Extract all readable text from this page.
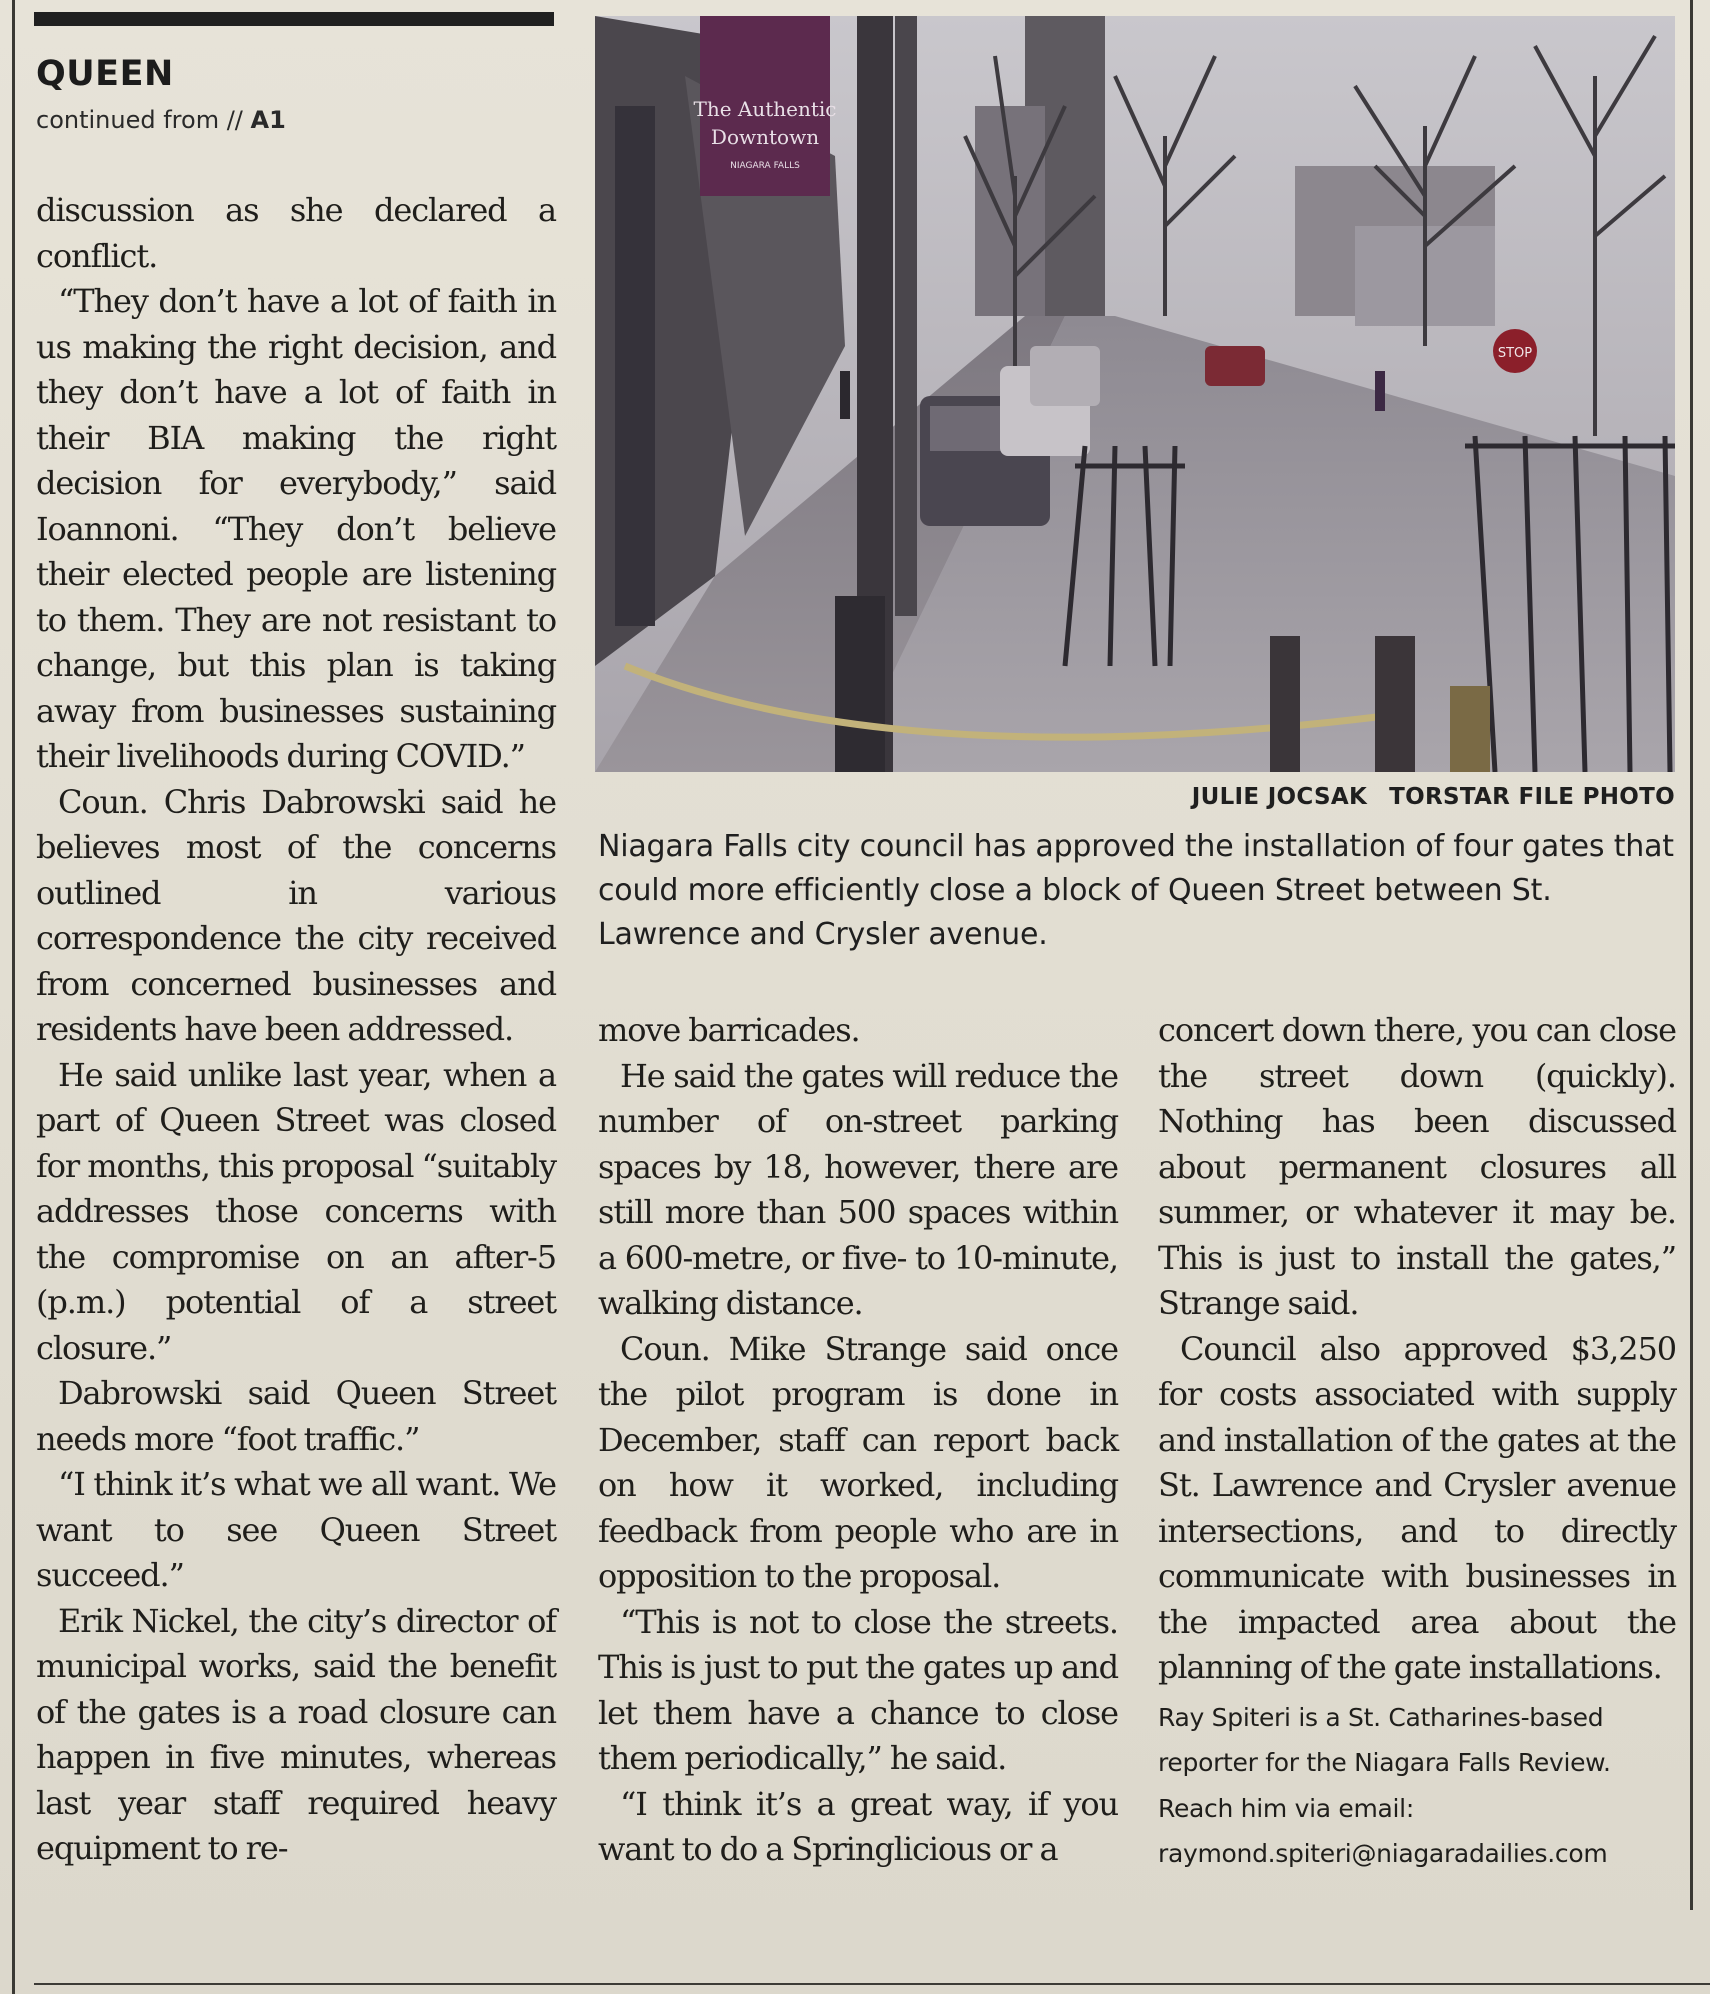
QUEEN
continued from // A1	The Authentic
Downtown
NIAGARA FALLS
STOP
JULIE JOCSAK TORSTAR FILE PHOTO

Niagara Falls city council has approved the installation of four gates that could more efficiently close a block of Queen Street between St. Lawrence and Crysler avenue.

discussion as she declared a conflict.

“They don’t have a lot of faith in us making the right decision, and they don’t have a lot of faith in their BIA making the right decision for everybody,” said Ioannoni. “They don’t believe their elected people are listening to them. They are not resistant to change, but this plan is taking away from businesses sustaining their livelihoods during COVID.”

Coun. Chris Dabrowski said he believes most of the concerns outlined in various correspondence the city received from concerned businesses and residents have been addressed.

He said unlike last year, when a part of Queen Street was closed for months, this proposal “suitably addresses those concerns with the compromise on an after-5 (p.m.) potential of a street closure.”

Dabrowski said Queen Street needs more “foot traffic.”

“I think it’s what we all want. We want to see Queen Street succeed.”

Erik Nickel, the city’s director of municipal works, said the benefit of the gates is a road closure can happen in five minutes, whereas last year staff required heavy equipment to re-

move barricades.

He said the gates will reduce the number of on-street parking spaces by 18, however, there are still more than 500 spaces within a 600-metre, or five- to 10-minute, walking distance.

Coun. Mike Strange said once the pilot program is done in December, staff can report back on how it worked, including feedback from people who are in opposition to the proposal.

“This is not to close the streets. This is just to put the gates up and let them have a chance to close them periodically,” he said.

“I think it’s a great way, if you want to do a Springlicious or a

concert down there, you can close the street down (quickly). Nothing has been discussed about permanent closures all summer, or whatever it may be. This is just to install the gates,” Strange said.

Council also approved $3,250 for costs associated with supply and installation of the gates at the St. Lawrence and Crysler avenue intersections, and to directly communicate with businesses in the impacted area about the planning of the gate installations.

Ray Spiteri is a St. Catharines-based
reporter for the Niagara Falls Review.
Reach him via email:
raymond.spiteri@niagaradailies.com
